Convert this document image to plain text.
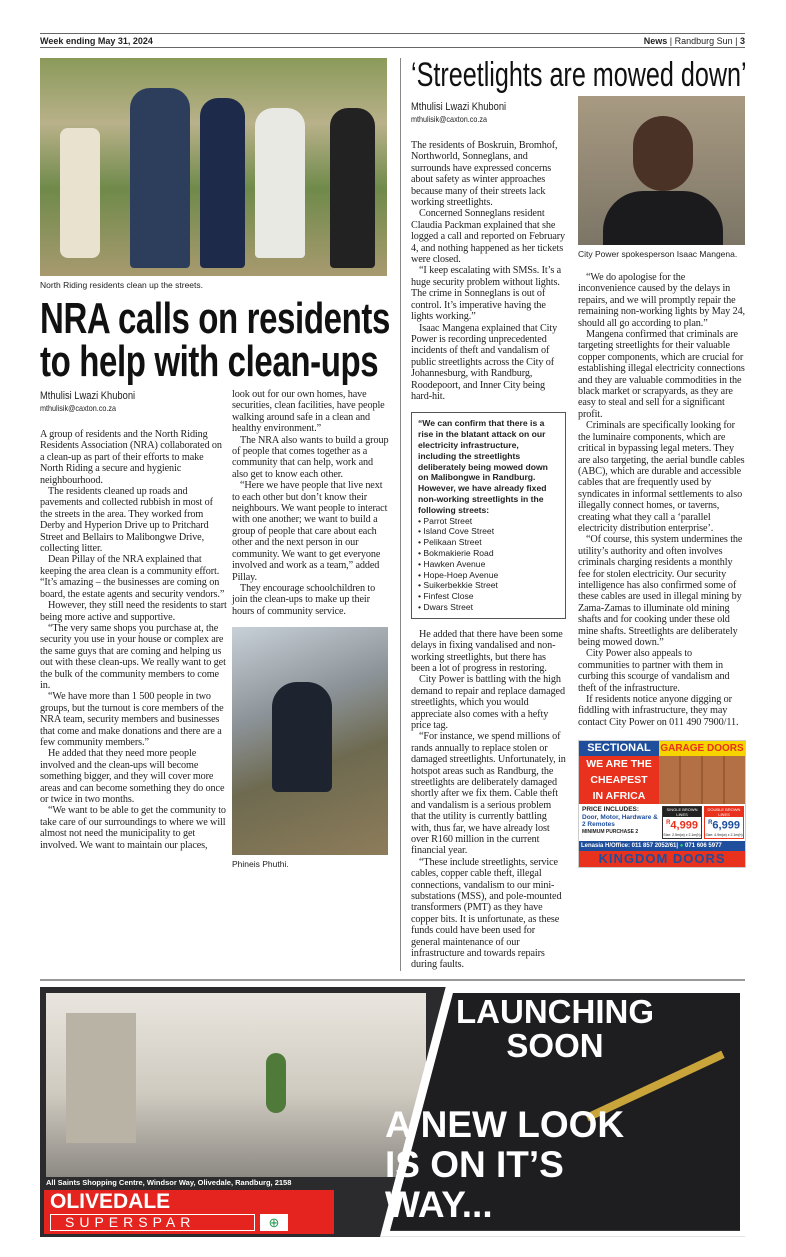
Week ending May 31, 2024	News | Randburg Sun | 3
North Riding residents clean up the streets.
NRA calls on residents
to help with clean-ups
Mthulisi Lwazi Khuboni
mthulisik@caxton.co.za

A group of residents and the North Riding Residents Association (NRA) collaborated on a clean-up as part of their efforts to make North Riding a secure and hygienic neighbourhood.

The residents cleaned up roads and pavements and collected rubbish in most of the streets in the area. They worked from Derby and Hyperion Drive up to Pritchard Street and Bellairs to Malibongwe Drive, collecting litter.

Dean Pillay of the NRA explained that keeping the area clean is a community effort. “It’s amazing – the businesses are coming on board, the estate agents and security vendors.”

However, they still need the residents to start being more active and supportive.

“The very same shops you purchase at, the security you use in your house or complex are the same guys that are coming and helping us out with these clean-ups. We really want to get the bulk of the community members to come in.

“We have more than 1 500 people in two groups, but the turnout is core members of the NRA team, security members and businesses that come and make donations and there are a few community members.”

He added that they need more people involved and the clean-ups will become something bigger, and they will cover more areas and can become something they do once or twice in two months.

“We want to be able to get the community to take care of our surroundings to where we will almost not need the municipality to get involved. We want to maintain our places,

look out for our own homes, have securities, clean facilities, have people walking around safe in a clean and healthy environment.”

The NRA also wants to build a group of people that comes together as a community that can help, work and also get to know each other.

“Here we have people that live next to each other but don’t know their neighbours. We want people to interact with one another; we want to build a group of people that care about each other and the next person in our community. We want to get everyone involved and work as a team,” added Pillay.

They encourage schoolchildren to join the clean-ups to make up their hours of community service.

Phineis Phuthi.
‘Streetlights are mowed down’
Mthulisi Lwazi Khuboni
mthulisik@caxton.co.za

The residents of Boskruin, Bromhof, Northworld, Sonneglans, and surrounds have expressed concerns about safety as winter approaches because many of their streets lack working streetlights.

Concerned Sonneglans resident Claudia Packman explained that she logged a call and reported on February 4, and nothing happened as her tickets were closed.

“I keep escalating with SMSs. It’s a huge security problem without lights. The crime in Sonneglans is out of control. It’s imperative having the lights working.”

Isaac Mangena explained that City Power is recording unprecedented incidents of theft and vandalism of public streetlights across the City of Johannesburg, with Randburg, Roodepoort, and Inner City being hard-hit.

“We can confirm that there is a rise in the blatant attack on our electricity infrastructure, including the streetlights deliberately being mowed down on Malibongwe in Randburg. However, we have already fixed non-working streetlights in the following streets:
• Parrot Street
• Island Cove Street
• Pelikaan Street
• Bokmakierie Road
• Hawken Avenue
• Hope-Hoep Avenue
• Suikerbekkie Street
• Finfest Close
• Dwars Street

He added that there have been some delays in fixing vandalised and non-working streetlights, but there has been a lot of progress in restoring.

City Power is battling with the high demand to repair and replace damaged streetlights, which you would appreciate also comes with a hefty price tag.

“For instance, we spend millions of rands annually to replace stolen or damaged streetlights. Unfortunately, in hotspot areas such as Randburg, the streetlights are deliberately damaged shortly after we fix them. Cable theft and vandalism is a serious problem that the utility is currently battling with, thus far, we have already lost over R160 million in the current financial year.

“These include streetlights, service cables, copper cable theft, illegal connections, vandalism to our mini-substations (MSS), and pole-mounted transformers (PMT) as they have copper bits. It is unfortunate, as these funds could have been used for general maintenance of our infrastructure and towards repairs during faults.

City Power spokesperson Isaac Mangena.

“We do apologise for the inconvenience caused by the delays in repairs, and we will promptly repair the remaining non-working lights by May 24, should all go according to plan.”

Mangena confirmed that criminals are targeting streetlights for their valuable copper components, which are crucial for establishing illegal electricity connections and they are valuable commodities in the black market or scrapyards, as they are easy to steal and sell for a significant profit.

Criminals are specifically looking for the luminaire components, which are critical in bypassing legal meters. They are also targeting, the aerial bundle cables (ABC), which are durable and accessible cables that are frequently used by syndicates in informal settlements to also illegally connect homes, or taverns, creating what they call a ‘parallel electricity distribution enterprise’.

“Of course, this system undermines the utility’s authority and often involves criminals charging residents a monthly fee for stolen electricity. Our security intelligence has also confirmed some of these cables are used in illegal mining by Zama-Zamas to illuminate old mining shafts and for cooking under these old mine shafts. Streetlights are deliberately being mowed down.”

City Power also appeals to communities to partner with them in curbing this scourge of vandalism and theft of the infrastructure.

If residents notice anyone digging or fiddling with infrastructure, they may contact City Power on 011 490 7900/11.

SECTIONAL GARAGE DOORS
WE ARE THE
CHEAPEST
IN AFRICA
PRICE INCLUDES:
Door, Motor, Hardware & 2 Remotes
MINIMUM PURCHASE 2
SINGLE BROWN LINES
$^R$4,999
Size: 2.5m(w) x 2.1m(h)
DOUBLE BROWN LINES
$^R$6,999
Size: 4.9m(w) x 2.1m(h)
Lenasia H/Office: 011 857 2052/61| ● 071 606 5977
KINGDOM DOORS
LAUNCHING
SOON
A NEW LOOK
IS ON IT’S
WAY...
All Saints Shopping Centre, Windsor Way, Olivedale, Randburg, 2158
OLIVEDALE
SUPERSPAR	⊕
